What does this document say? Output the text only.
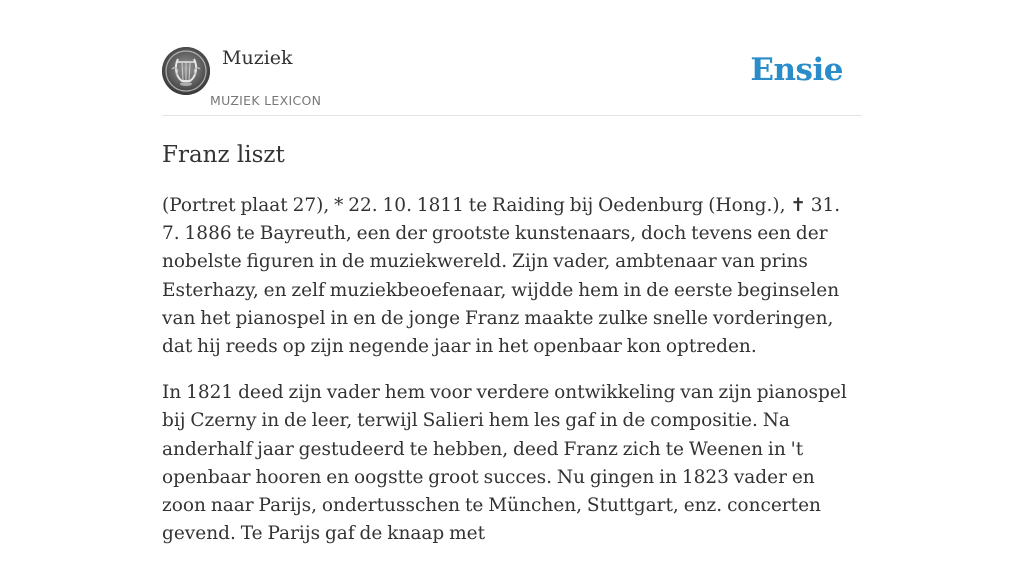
Muziek
MUZIEK LEXICON
Ensie
Franz liszt

(Portret plaat 27), * 22. 10. 1811 te Raiding bij Oedenburg (Hong.), ✝ 31. 7. 1886 te Bayreuth, een der grootste kunstenaars, doch tevens een der nobelste figuren in de muziekwereld. Zijn vader, ambtenaar van prins Esterhazy, en zelf muziekbeoefenaar, wijdde hem in de eerste beginselen van het pianospel in en de jonge Franz maakte zulke snelle vorderingen, dat hij reeds op zijn negende jaar in het openbaar kon optreden.

In 1821 deed zijn vader hem voor verdere ontwikkeling van zijn pianospel bij Czerny in de leer, terwijl Salieri hem les gaf in de compositie. Na anderhalf jaar gestudeerd te hebben, deed Franz zich te Weenen in 't openbaar hooren en oogstte groot succes. Nu gingen in 1823 vader en zoon naar Parijs, ondertusschen te München, Stuttgart, enz. concerten gevend. Te Parijs gaf de knaap met
